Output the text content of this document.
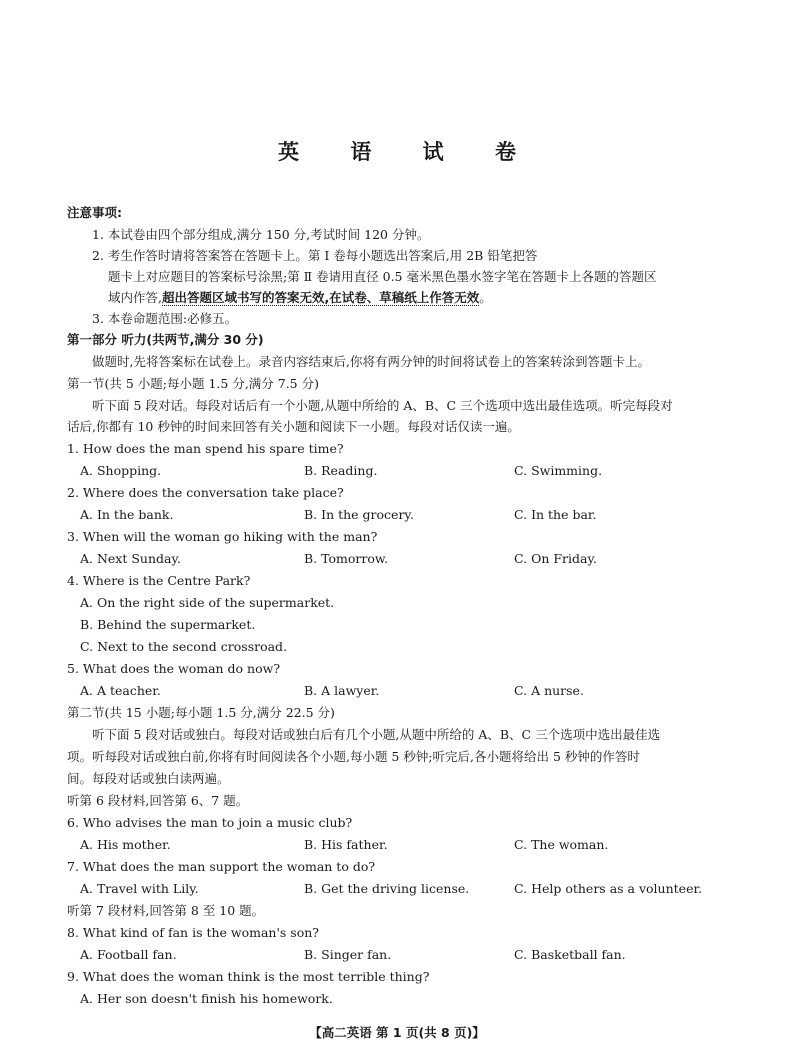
英 语 试 卷
注意事项:
1. 本试卷由四个部分组成,满分 150 分,考试时间 120 分钟。
2. 考生作答时请将答案答在答题卡上。第 Ⅰ 卷每小题选出答案后,用 2B 铅笔把答
题卡上对应题目的答案标号涂黑;第 Ⅱ 卷请用直径 0.5 毫米黑色墨水签字笔在答题卡上各题的答题区
域内作答,超出答题区域书写的答案无效,在试卷、草稿纸上作答无效。
3. 本卷命题范围:必修五。
第一部分 听力(共两节,满分 30 分)
做题时,先将答案标在试卷上。录音内容结束后,你将有两分钟的时间将试卷上的答案转涂到答题卡上。
第一节(共 5 小题;每小题 1.5 分,满分 7.5 分)
听下面 5 段对话。每段对话后有一个小题,从题中所给的 A、B、C 三个选项中选出最佳选项。听完每段对
话后,你都有 10 秒钟的时间来回答有关小题和阅读下一小题。每段对话仅读一遍。
1. How does the man spend his spare time?
A. Shopping.	B. Reading.	C. Swimming.
2. Where does the conversation take place?
A. In the bank.	B. In the grocery.	C. In the bar.
3. When will the woman go hiking with the man?
A. Next Sunday.	B. Tomorrow.	C. On Friday.
4. Where is the Centre Park?
A. On the right side of the supermarket.
B. Behind the supermarket.
C. Next to the second crossroad.
5. What does the woman do now?
A. A teacher.	B. A lawyer.	C. A nurse.
第二节(共 15 小题;每小题 1.5 分,满分 22.5 分)
听下面 5 段对话或独白。每段对话或独白后有几个小题,从题中所给的 A、B、C 三个选项中选出最佳选
项。听每段对话或独白前,你将有时间阅读各个小题,每小题 5 秒钟;听完后,各小题将给出 5 秒钟的作答时
间。每段对话或独白读两遍。
听第 6 段材料,回答第 6、7 题。
6. Who advises the man to join a music club?
A. His mother.	B. His father.	C. The woman.
7. What does the man support the woman to do?
A. Travel with Lily.	B. Get the driving license.	C. Help others as a volunteer.
听第 7 段材料,回答第 8 至 10 题。
8. What kind of fan is the woman's son?
A. Football fan.	B. Singer fan.	C. Basketball fan.
9. What does the woman think is the most terrible thing?
A. Her son doesn't finish his homework.
【高二英语 第 1 页(共 8 页)】
